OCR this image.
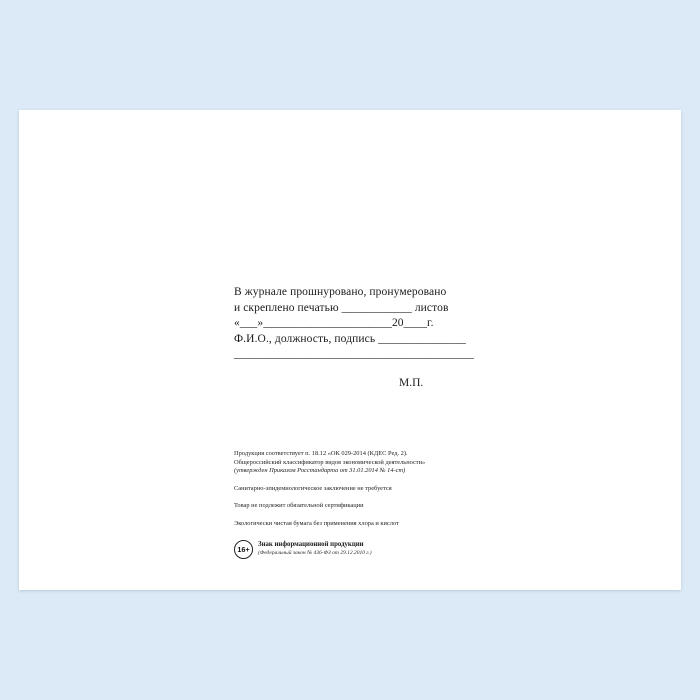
В журнале прошнуровано, пронумеровано
и скреплено печатью ____________ листов
«___»______________________20____г.
Ф.И.О., должность, подпись _______________
_________________________________________
М.П.
Продукция соответствует п. 18.12 «ОК 029-2014 (КДЕС Ред. 2).
Общероссийский классификатор видов экономической деятельности»
(утвержден Приказом Росстандарта от 31.01.2014 № 14-ст)
Санитарно-эпидемиологическое заключение не требуется
Товар не подлежит обязательной сертификации
Экологически чистая бумага без применения хлора и кислот
16+	Знак информационной продукции
(Федеральный закон № 436-ФЗ от 29.12.2010 г.)
